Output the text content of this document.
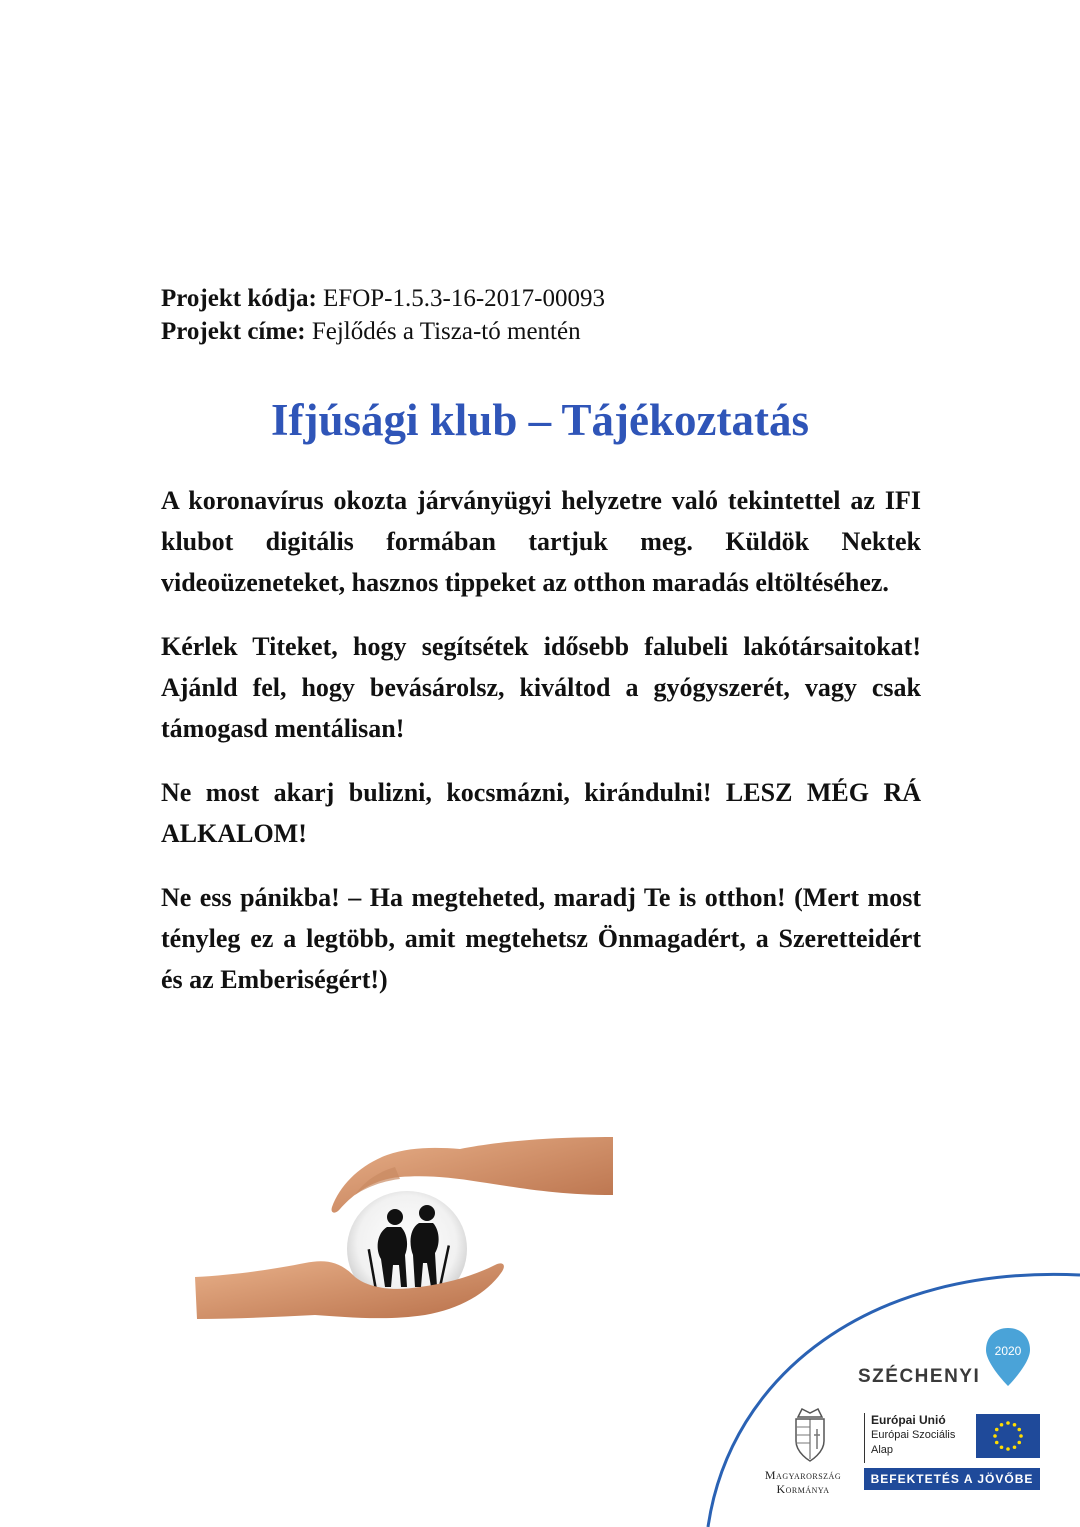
Projekt kódja: EFOP-1.5.3-16-2017-00093
Projekt címe: Fejlődés a Tisza-tó mentén
Ifjúsági klub – Tájékoztatás

A koronavírus okozta járványügyi helyzetre való tekintettel az IFI klubot digitális formában tartjuk meg. Küldök Nektek videoüzeneteket, hasznos tippeket az otthon maradás eltöltéséhez.

Kérlek Titeket, hogy segítsétek idősebb falubeli lakótársaitokat! Ajánld fel, hogy bevásárolsz, kiváltod a gyógyszerét, vagy csak támogasd mentálisan!

Ne most akarj bulizni, kocsmázni, kirándulni! LESZ MÉG RÁ ALKALOM!

Ne ess pánikba! – Ha megteheted, maradj Te is otthon! (Mert most tényleg ez a legtöbb, amit megtehetsz Önmagadért, a Szeretteidért és az Emberiségért!)

SZÉCHENYI
2020
Magyarország
Kormánya
Európai Unió
Európai Szociális
Alap
BEFEKTETÉS A JÖVŐBE
